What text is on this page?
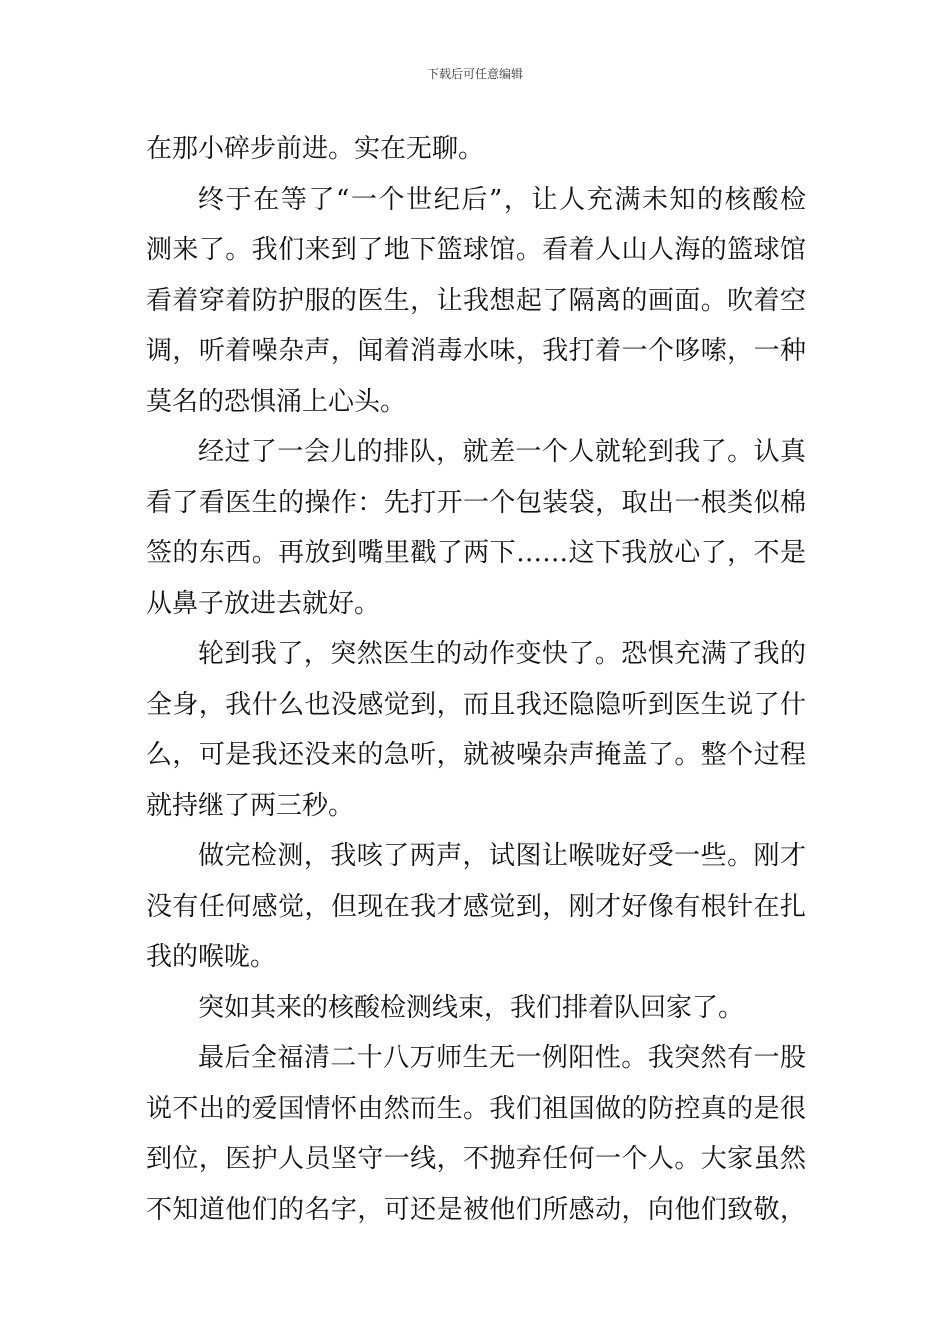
下载后可任意编辑
在那小碎步前进。实在无聊。
终于在等了“一个世纪后”，让人充满未知的核酸检
测来了。我们来到了地下篮球馆。看着人山人海的篮球馆
看着穿着防护服的医生，让我想起了隔离的画面。吹着空
调，听着噪杂声，闻着消毒水味，我打着一个哆嗦，一种
莫名的恐惧涌上心头。
经过了一会儿的排队，就差一个人就轮到我了。认真
看了看医生的操作：先打开一个包装袋，取出一根类似棉
签的东西。再放到嘴里戳了两下……这下我放心了，不是
从鼻子放进去就好。
轮到我了，突然医生的动作变快了。恐惧充满了我的
全身，我什么也没感觉到，而且我还隐隐听到医生说了什
么，可是我还没来的急听，就被噪杂声掩盖了。整个过程
就持继了两三秒。
做完检测，我咳了两声，试图让喉咙好受一些。刚才
没有任何感觉，但现在我才感觉到，刚才好像有根针在扎
我的喉咙。
突如其来的核酸检测线束，我们排着队回家了。
最后全福清二十八万师生无一例阳性。我突然有一股
说不出的爱国情怀由然而生。我们祖国做的防控真的是很
到位，医护人员坚守一线，不抛弃任何一个人。大家虽然
不知道他们的名字，可还是被他们所感动，向他们致敬，
